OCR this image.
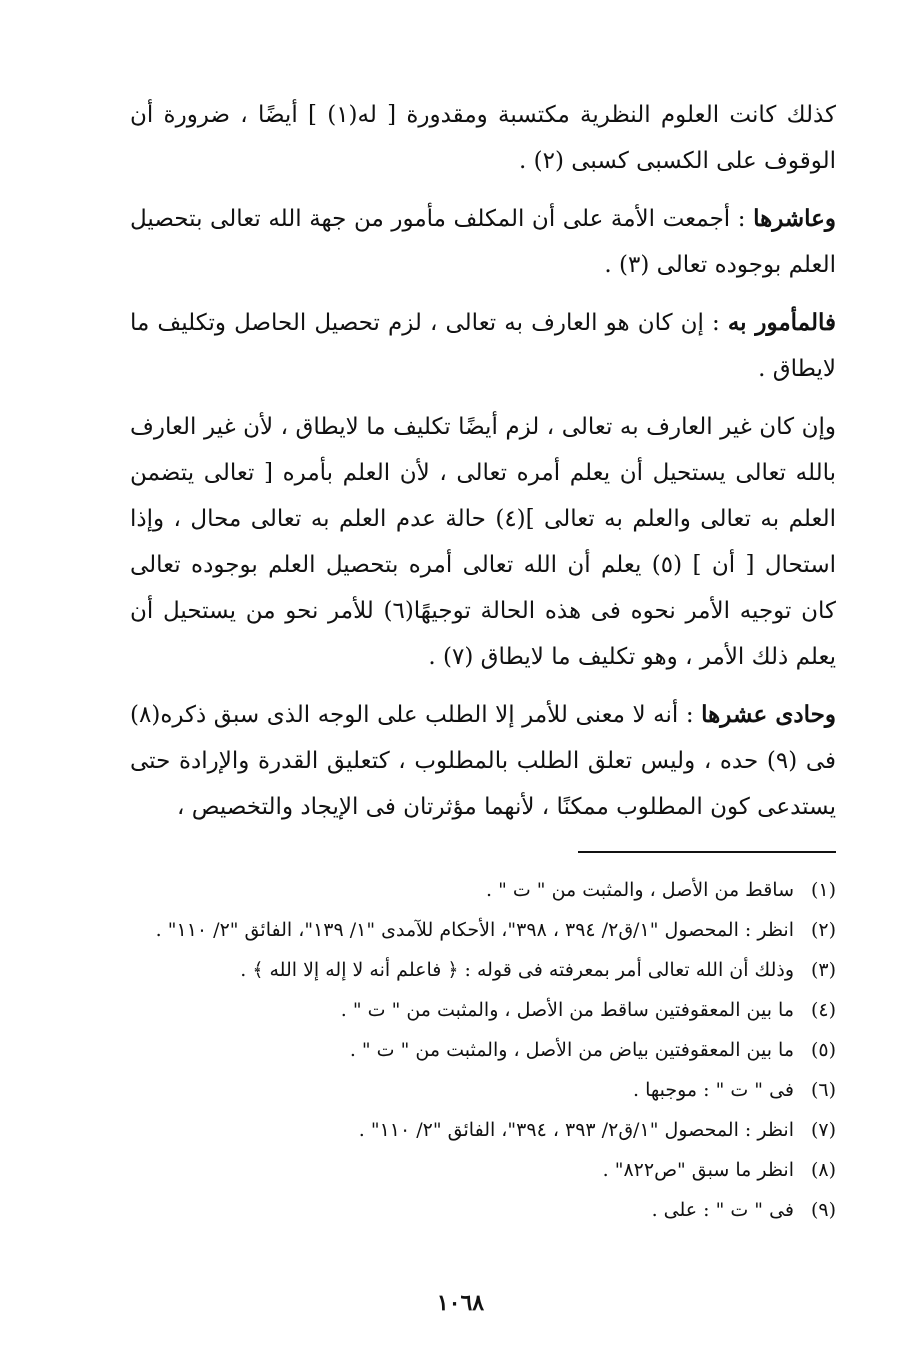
كذلك كانت العلوم النظرية مكتسبة ومقدورة [ له(١) ] أيضًا ، ضرورة أن الوقوف على الكسبى كسبى (٢) .

وعاشرها : أجمعت الأمة على أن المكلف مأمور من جهة الله تعالى بتحصيل العلم بوجوده تعالى (٣) .

فالمأمور به : إن كان هو العارف به تعالى ، لزم تحصيل الحاصل وتكليف ما لايطاق .

وإن كان غير العارف به تعالى ، لزم أيضًا تكليف ما لايطاق ، لأن غير العارف بالله تعالى يستحيل أن يعلم أمره تعالى ، لأن العلم بأمره [ تعالى يتضمن العلم به تعالى والعلم به تعالى ](٤) حالة عدم العلم به تعالى محال ، وإذا استحال [ أن ] (٥) يعلم أن الله تعالى أمره بتحصيل العلم بوجوده تعالى كان توجيه الأمر نحوه فى هذه الحالة توجيهًا(٦) للأمر نحو من يستحيل أن يعلم ذلك الأمر ، وهو تكليف ما لايطاق (٧) .

وحادى عشرها : أنه لا معنى للأمر إلا الطلب على الوجه الذى سبق ذكره(٨) فى (٩) حده ، وليس تعلق الطلب بالمطلوب ، كتعليق القدرة والإرادة حتى يستدعى كون المطلوب ممكنًا ، لأنهما مؤثرتان فى الإيجاد والتخصيص ،

(١)
ساقط من الأصل ، والمثبت من " ت " .
(٢)
انظر : المحصول "١/ق٢/ ٣٩٤ ، ٣٩٨"، الأحكام للآمدى "١/ ١٣٩"، الفائق "٢/ ١١٠" .
(٣)
وذلك أن الله تعالى أمر بمعرفته فى قوله : ﴿ فاعلم أنه لا إله إلا الله ﴾ .
(٤)
ما بين المعقوفتين ساقط من الأصل ، والمثبت من " ت " .
(٥)
ما بين المعقوفتين بياض من الأصل ، والمثبت من " ت " .
(٦)
فى " ت " : موجبها .
(٧)
انظر : المحصول "١/ق٢/ ٣٩٣ ، ٣٩٤"، الفائق "٢/ ١١٠" .
(٨)
انظر ما سبق "ص٨٢٢" .
(٩)
فى " ت " : على .
١٠٦٨
